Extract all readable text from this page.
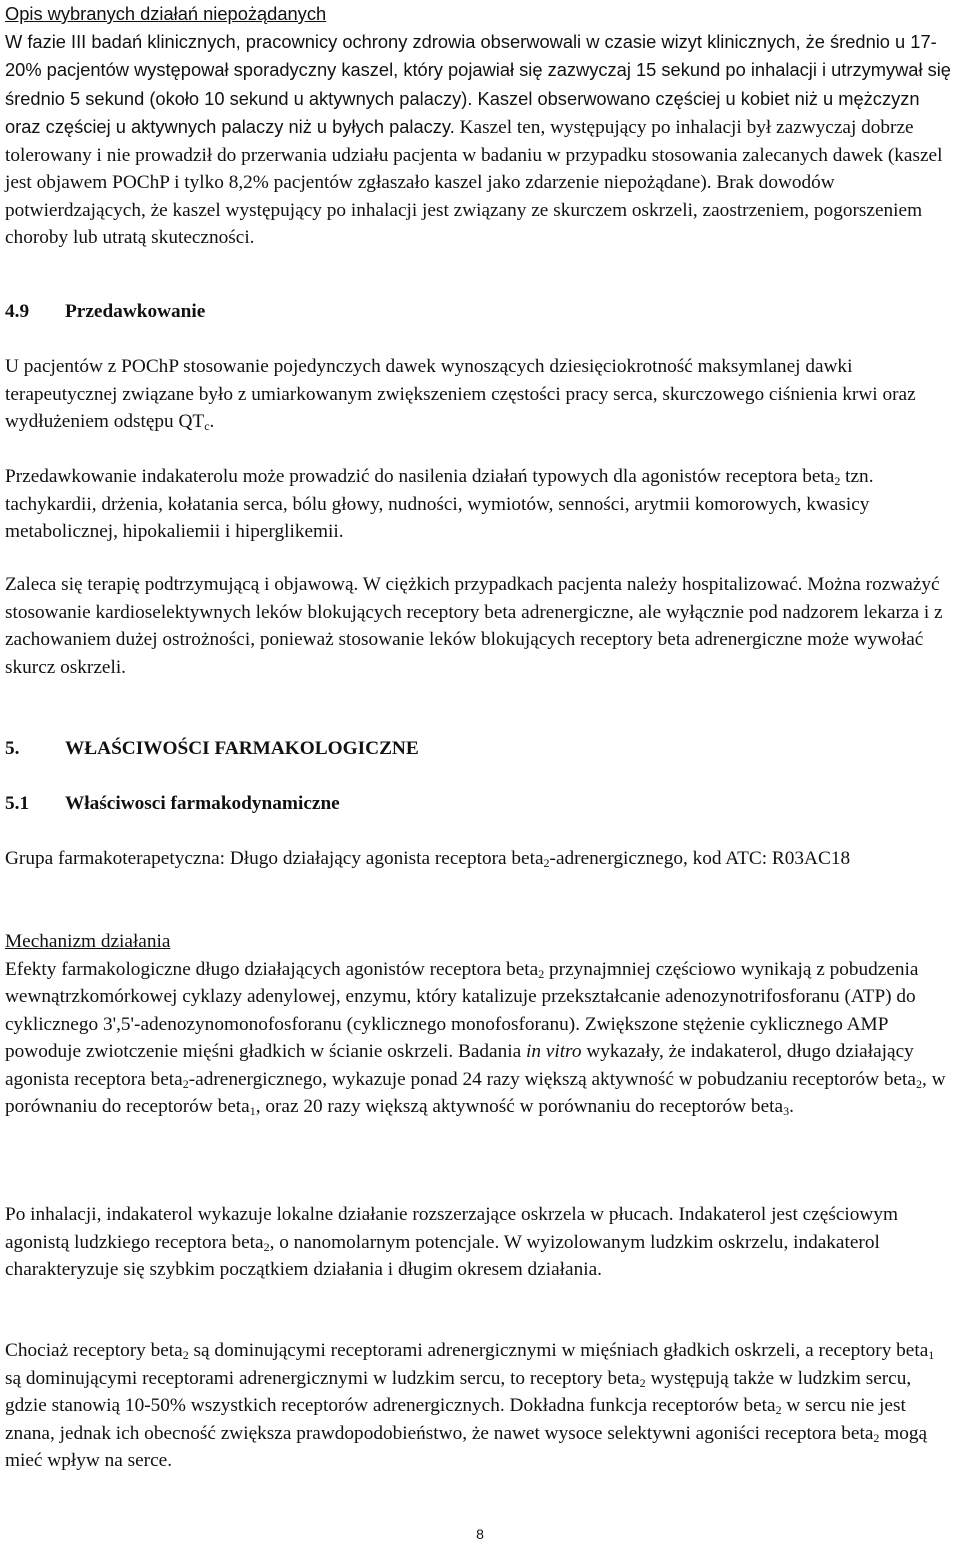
Opis wybranych działań niepożądanych

W fazie III badań klinicznych, pracownicy ochrony zdrowia obserwowali w czasie wizyt klinicznych, że średnio u 17-20% pacjentów występował sporadyczny kaszel, który pojawiał się zazwyczaj 15 sekund po inhalacji i utrzymywał się średnio 5 sekund (około 10 sekund u aktywnych palaczy). Kaszel obserwowano częściej u kobiet niż u mężczyzn oraz częściej u aktywnych palaczy niż u byłych palaczy. Kaszel ten, występujący po inhalacji był zazwyczaj dobrze tolerowany i nie prowadził do przerwania udziału pacjenta w badaniu w przypadku stosowania zalecanych dawek (kaszel jest objawem POChP i tylko 8,2% pacjentów zgłaszało kaszel jako zdarzenie niepożądane). Brak dowodów potwierdzających, że kaszel występujący po inhalacji jest związany ze skurczem oskrzeli, zaostrzeniem, pogorszeniem choroby lub utratą skuteczności.

4.9	Przedawkowanie

U pacjentów z POChP stosowanie pojedynczych dawek wynoszących dziesięciokrotność maksymlanej dawki terapeutycznej związane było z umiarkowanym zwiększeniem częstości pracy serca, skurczowego ciśnienia krwi oraz wydłużeniem odstępu $QT_c$.

Przedawkowanie indakaterolu może prowadzić do nasilenia działań typowych dla agonistów receptora beta$_2$ tzn. tachykardii, drżenia, kołatania serca, bólu głowy, nudności, wymiotów, senności, arytmii komorowych, kwasicy metabolicznej, hipokaliemii i hiperglikemii.

Zaleca się terapię podtrzymującą i objawową. W ciężkich przypadkach pacjenta należy hospitalizować. Można rozważyć stosowanie kardioselektywnych leków blokujących receptory beta adrenergiczne, ale wyłącznie pod nadzorem lekarza i z zachowaniem dużej ostrożności, ponieważ stosowanie leków blokujących receptory beta adrenergiczne może wywołać skurcz oskrzeli.

5.	WŁAŚCIWOŚCI FARMAKOLOGICZNE
5.1	Właściwosci farmakodynamiczne

Grupa farmakoterapetyczna: Długo działający agonista receptora beta$_2$-adrenergicznego, kod ATC: R03AC18

Mechanizm działania

Efekty farmakologiczne długo działających agonistów receptora beta$_2$ przynajmniej częściowo wynikają z pobudzenia wewnątrzkomórkowej cyklazy adenylowej, enzymu, który katalizuje przekształcanie adenozynotrifosforanu (ATP) do cyklicznego 3',5'-adenozynomonofosforanu (cyklicznego monofosforanu). Zwiększone stężenie cyklicznego AMP powoduje zwiotczenie mięśni gładkich w ścianie oskrzeli. Badania in vitro wykazały, że indakaterol, długo działający agonista receptora beta$_2$-adrenergicznego, wykazuje ponad 24 razy większą aktywność w pobudzaniu receptorów beta$_2$, w porównaniu do receptorów beta$_1$, oraz 20 razy większą aktywność w porównaniu do receptorów beta$_3$.

Po inhalacji, indakaterol wykazuje lokalne działanie rozszerzające oskrzela w płucach. Indakaterol jest częściowym agonistą ludzkiego receptora beta$_2$, o nanomolarnym potencjale. W wyizolowanym ludzkim oskrzelu, indakaterol charakteryzuje się szybkim początkiem działania i długim okresem działania.

Chociaż receptory beta$_2$ są dominującymi receptorami adrenergicznymi w mięśniach gładkich oskrzeli, a receptory beta$_1$ są dominującymi receptorami adrenergicznymi w ludzkim sercu, to receptory beta$_2$ występują także w ludzkim sercu, gdzie stanowią 10-50% wszystkich receptorów adrenergicznych. Dokładna funkcja receptorów beta$_2$ w sercu nie jest znana, jednak ich obecność zwiększa prawdopodobieństwo, że nawet wysoce selektywni agoniści receptora beta$_2$ mogą mieć wpływ na serce.

8
